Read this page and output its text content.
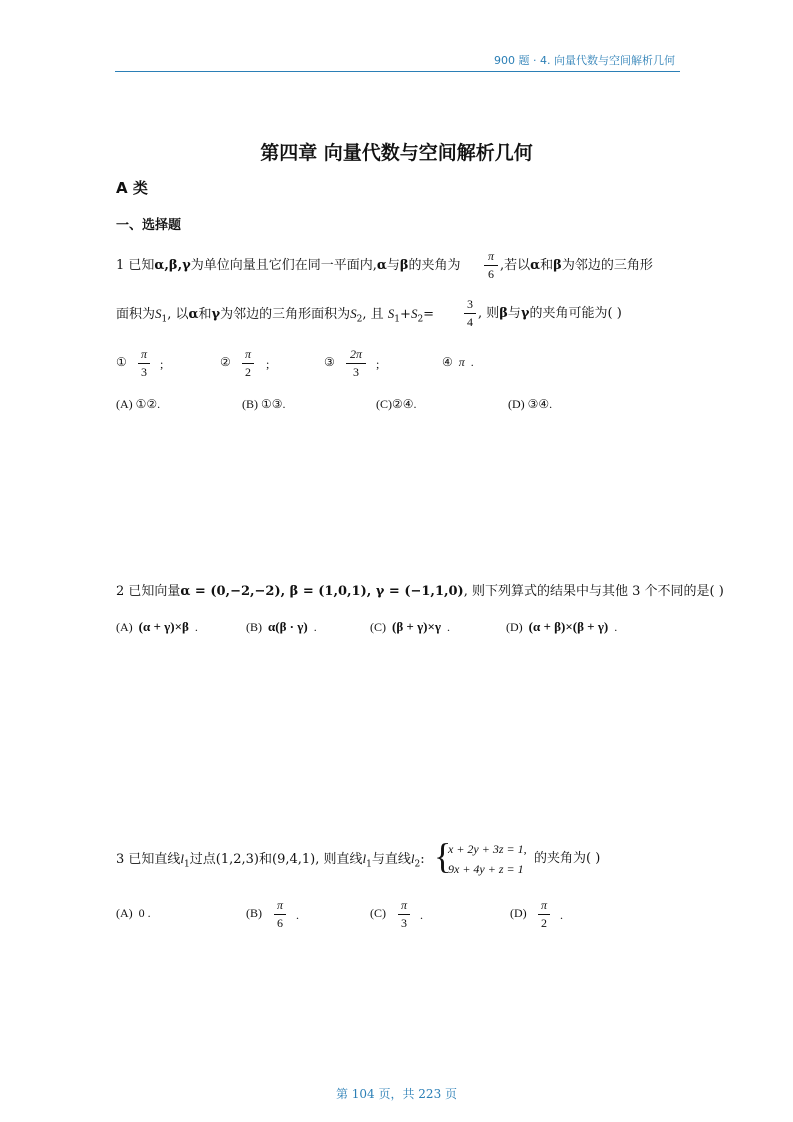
900 题 · 4. 向量代数与空间解析几何
第四章 向量代数与空间解析几何
A 类
一、选择题
1 已知α,β,γ为单位向量且它们在同一平面内,α与β的夹角为
π
6
,若以α和β为邻边的三角形
面积为$S_1$, 以α和γ为邻边的三角形面积为$S_2$, 且 $S_1+S_2=$
3
4
, 则β与γ的夹角可能为( )
①
π
3
;	②
π
2
;	③
2π
3
;	④ π .
(A) ①②.	(B) ①③.	(C)②④.	(D) ③④.
2 已知向量α = (0,−2,−2), β = (1,0,1), γ = (−1,1,0), 则下列算式的结果中与其他 3 个不同的是( )
(A) (α + γ)×β .	(B) α(β · γ) .	(C) (β + γ)×γ .	(D) (α + β)×(β + γ) .
3 已知直线$l_1$过点(1,2,3)和(9,4,1), 则直线$l_1$与直线$l_2$: {
x + 2y + 3z = 1,
9x + 4y + z = 1
的夹角为( )
(A) 0 .	(B)
π
6
.	(C)
π
3
.	(D)
π
2
.
第 104 页，共 223 页
